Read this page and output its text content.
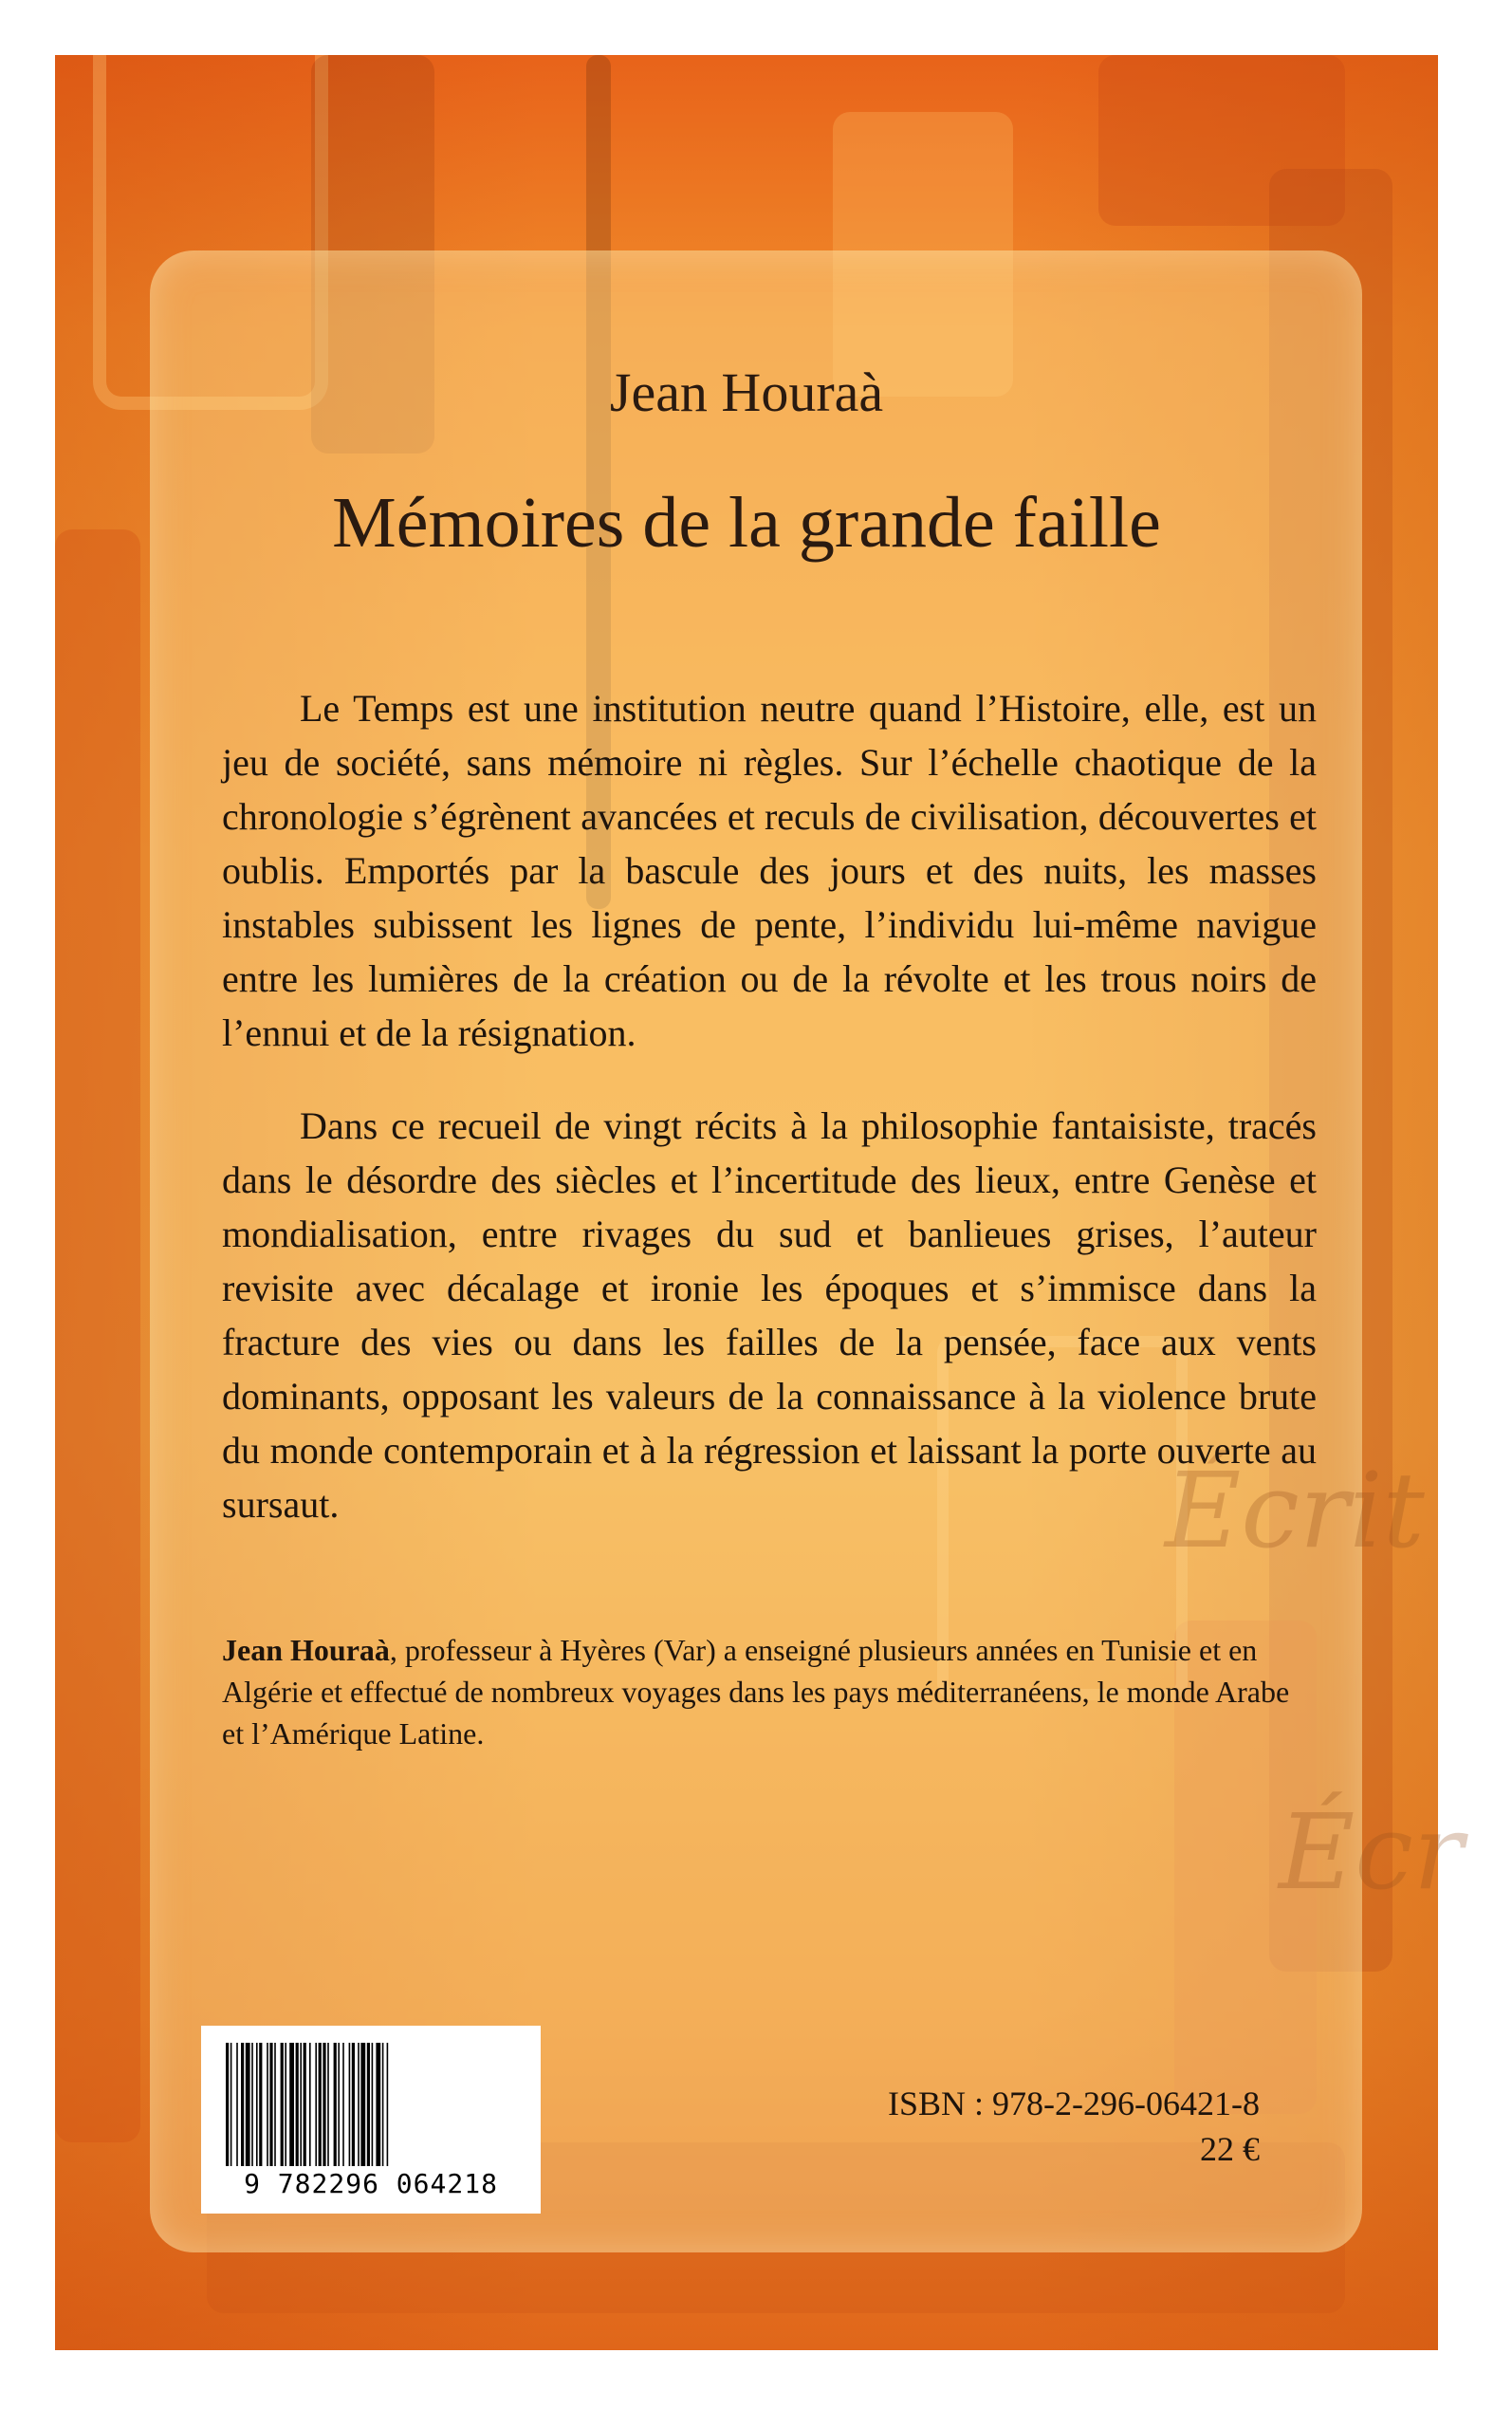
Écrit
Écr
Jean Houraà
Mémoires de la grande faille

Le Temps est une institution neutre quand l’Histoire, elle, est un jeu de société, sans mémoire ni règles. Sur l’échelle chaotique de la chronologie s’égrènent avancées et reculs de civilisation, découvertes et oublis. Emportés par la bascule des jours et des nuits, les masses instables subissent les lignes de pente, l’individu lui-même navigue entre les lumières de la création ou de la révolte et les trous noirs de l’ennui et de la résignation.

Dans ce recueil de vingt récits à la philosophie fantaisiste, tracés dans le désordre des siècles et l’incertitude des lieux, entre Genèse et mondialisation, entre rivages du sud et banlieues grises, l’auteur revisite avec décalage et ironie les époques et s’immisce dans la fracture des vies ou dans les failles de la pensée, face aux vents dominants, opposant les valeurs de la connaissance à la violence brute du monde contemporain et à la régression et laissant la porte ouverte au sursaut.

Jean Houraà, professeur à Hyères (Var) a enseigné plusieurs années en Tunisie et en Algérie et effectué de nombreux voyages dans les pays méditerranéens, le monde Arabe et l’Amérique Latine.

9 782296 064218
ISBN : 978-2-296-06421-8
22 €
